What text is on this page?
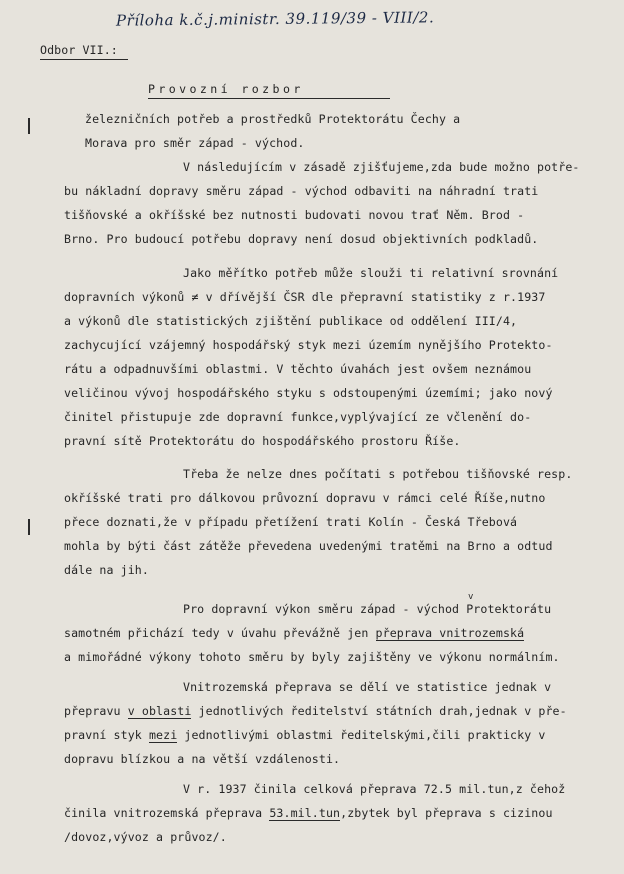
Příloha k.č.j.ministr. 39.119/39 - VIII/2.
Odbor VII.:
Provozní rozbor
železničních potřeb a prostředků Protektorátu Čechy a
Morava pro směr západ - východ.
V následujícím v zásadě zjišťujeme,zda bude možno potře-
bu nákladní dopravy směru západ - východ odbaviti na náhradní trati
tišňovské a okříšské bez nutnosti budovati novou trať Něm. Brod -
Brno. Pro budoucí potřebu dopravy není dosud objektivních podkladů.
Jako měřítko potřeb může slouži ti relativní srovnání
dopravních výkonů ≠ v dřívější ČSR dle přepravní statistiky z r.1937
a výkonů dle statistických zjištění publikace od oddělení III/4,
zachycující vzájemný hospodářský styk mezi územím nynějšího Protekto-
rátu a odpadnuvšími oblastmi. V těchto úvahách jest ovšem neznámou
veličinou vývoj hospodářského styku s odstoupenými územími; jako nový
činitel přistupuje zde dopravní funkce,vyplývající ze včlenění do-
pravní sítě Protektorátu do hospodářského prostoru Říše.
Třeba že nelze dnes počítati s potřebou tišňovské resp.
okříšské trati pro dálkovou průvozní dopravu v rámci celé Říše,nutno
přece doznati,že v případu přetížení trati Kolín - Česká Třebová
mohla by býti část zátěže převedena uvedenými tratěmi na Brno a odtud
dále na jih.
v
Pro dopravní výkon směru západ - východ Protektorátu
samotném přichází tedy v úvahu převážně jen přeprava vnitrozemská
a mimořádné výkony tohoto směru by byly zajištěny ve výkonu normálním.
Vnitrozemská přeprava se dělí ve statistice jednak v
přepravu v oblasti jednotlivých ředitelství státních drah,jednak v pře-
pravní styk mezi jednotlivými oblastmi ředitelskými,čili prakticky v
dopravu blízkou a na větší vzdálenosti.
V r. 1937 činila celková přeprava 72.5 mil.tun,z čehož
činila vnitrozemská přeprava 53.mil.tun,zbytek byl přeprava s cizinou
/dovoz,vývoz a průvoz/.
